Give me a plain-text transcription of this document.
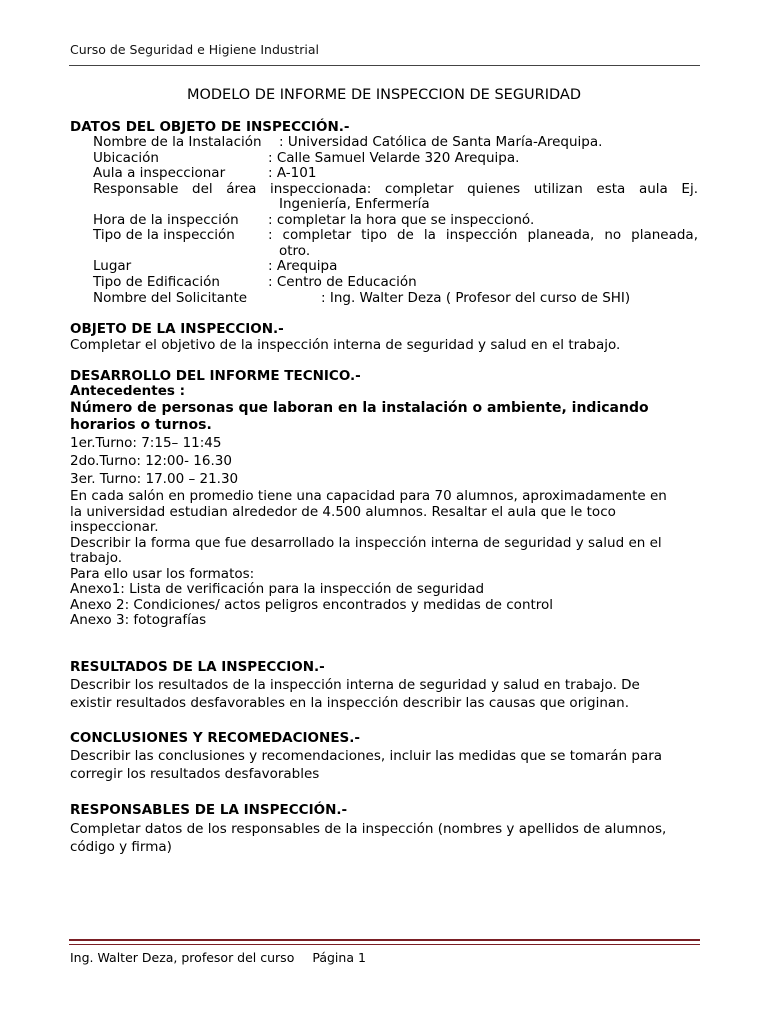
Curso de Seguridad e Higiene Industrial
MODELO DE INFORME DE INSPECCION DE SEGURIDAD
DATOS DEL OBJETO DE INSPECCIÓN.-
Nombre de la Instalación : Universidad Católica de Santa María-Arequipa.
Ubicación	: Calle Samuel Velarde 320 Arequipa.
Aula a inspeccionar	: A-101
Responsable del área inspeccionada: completar quienes utilizan esta aula Ej.
Ingeniería, Enfermería
Hora de la inspección : completar la hora que se inspeccionó.
Tipo de la inspección : completar tipo de la inspección planeada, no planeada,
otro.
Lugar	: Arequipa
Tipo de Edificación	: Centro de Educación
Nombre del Solicitante	: Ing. Walter Deza ( Profesor del curso de SHI)
OBJETO DE LA INSPECCION.-
Completar el objetivo de la inspección interna de seguridad y salud en el trabajo.
DESARROLLO DEL INFORME TECNICO.-
Antecedentes :
Número de personas que laboran en la instalación o ambiente, indicando
horarios o turnos.
1er.Turno: 7:15– 11:45
2do.Turno: 12:00- 16.30
3er. Turno: 17.00 – 21.30
En cada salón en promedio tiene una capacidad para 70 alumnos, aproximadamente en
la universidad estudian alrededor de 4.500 alumnos. Resaltar el aula que le toco
inspeccionar.
Describir la forma que fue desarrollado la inspección interna de seguridad y salud en el
trabajo.
Para ello usar los formatos:
Anexo1: Lista de verificación para la inspección de seguridad
Anexo 2: Condiciones/ actos peligros encontrados y medidas de control
Anexo 3: fotografías
RESULTADOS DE LA INSPECCION.-
Describir los resultados de la inspección interna de seguridad y salud en trabajo. De
existir resultados desfavorables en la inspección describir las causas que originan.
CONCLUSIONES Y RECOMEDACIONES.-
Describir las conclusiones y recomendaciones, incluir las medidas que se tomarán para
corregir los resultados desfavorables
RESPONSABLES DE LA INSPECCIÓN.-
Completar datos de los responsables de la inspección (nombres y apellidos de alumnos,
código y firma)
Ing. Walter Deza, profesor del curso Página 1
